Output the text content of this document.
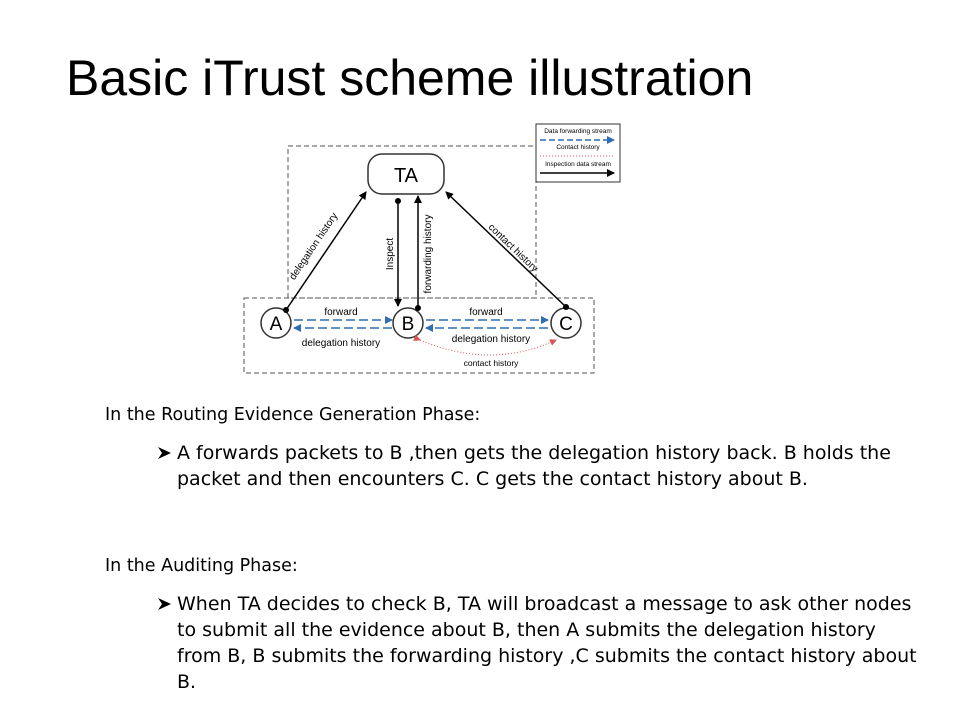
Basic iTrust scheme illustration
Data forwarding stream
Contact history
Inspection data stream
TA
A	B	C
delegation history	Inspect	forwarding history	contact history
forward
delegation history
forward
delegation history
contact history
In the Routing Evidence Generation Phase:
A forwards packets to B ,then gets the delegation history back. B holds the packet and then encounters C. C gets the contact history about B.
In the Auditing Phase:
When TA decides to check B, TA will broadcast a message to ask other nodes to submit all the evidence about B, then A submits the delegation history from B, B submits the forwarding history ,C submits the contact history about B.
